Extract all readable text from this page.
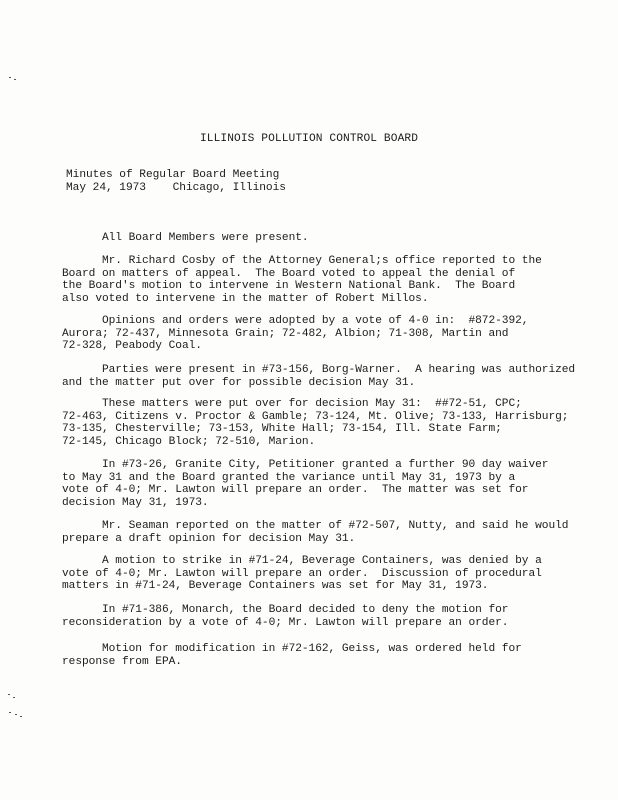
ILLINOIS POLLUTION CONTROL BOARD
Minutes of Regular Board Meeting
May 24, 1973    Chicago, Illinois
All Board Members were present.
Mr. Richard Cosby of the Attorney General;s office reported to the
Board on matters of appeal.  The Board voted to appeal the denial of
the Board's motion to intervene in Western National Bank.  The Board
also voted to intervene in the matter of Robert Millos.
Opinions and orders were adopted by a vote of 4-0 in:  #872-392,
Aurora; 72-437, Minnesota Grain; 72-482, Albion; 71-308, Martin and
72-328, Peabody Coal.
Parties were present in #73-156, Borg-Warner.  A hearing was authorized
and the matter put over for possible decision May 31.
These matters were put over for decision May 31:  ##72-51, CPC;
72-463, Citizens v. Proctor & Gamble; 73-124, Mt. Olive; 73-133, Harrisburg;
73-135, Chesterville; 73-153, White Hall; 73-154, Ill. State Farm;
72-145, Chicago Block; 72-510, Marion.
In #73-26, Granite City, Petitioner granted a further 90 day waiver
to May 31 and the Board granted the variance until May 31, 1973 by a
vote of 4-0; Mr. Lawton will prepare an order.  The matter was set for
decision May 31, 1973.
Mr. Seaman reported on the matter of #72-507, Nutty, and said he would
prepare a draft opinion for decision May 31.
A motion to strike in #71-24, Beverage Containers, was denied by a
vote of 4-0; Mr. Lawton will prepare an order.  Discussion of procedural
matters in #71-24, Beverage Containers was set for May 31, 1973.
In #71-386, Monarch, the Board decided to deny the motion for
reconsideration by a vote of 4-0; Mr. Lawton will prepare an order.
Motion for modification in #72-162, Geiss, was ordered held for
response from EPA.
